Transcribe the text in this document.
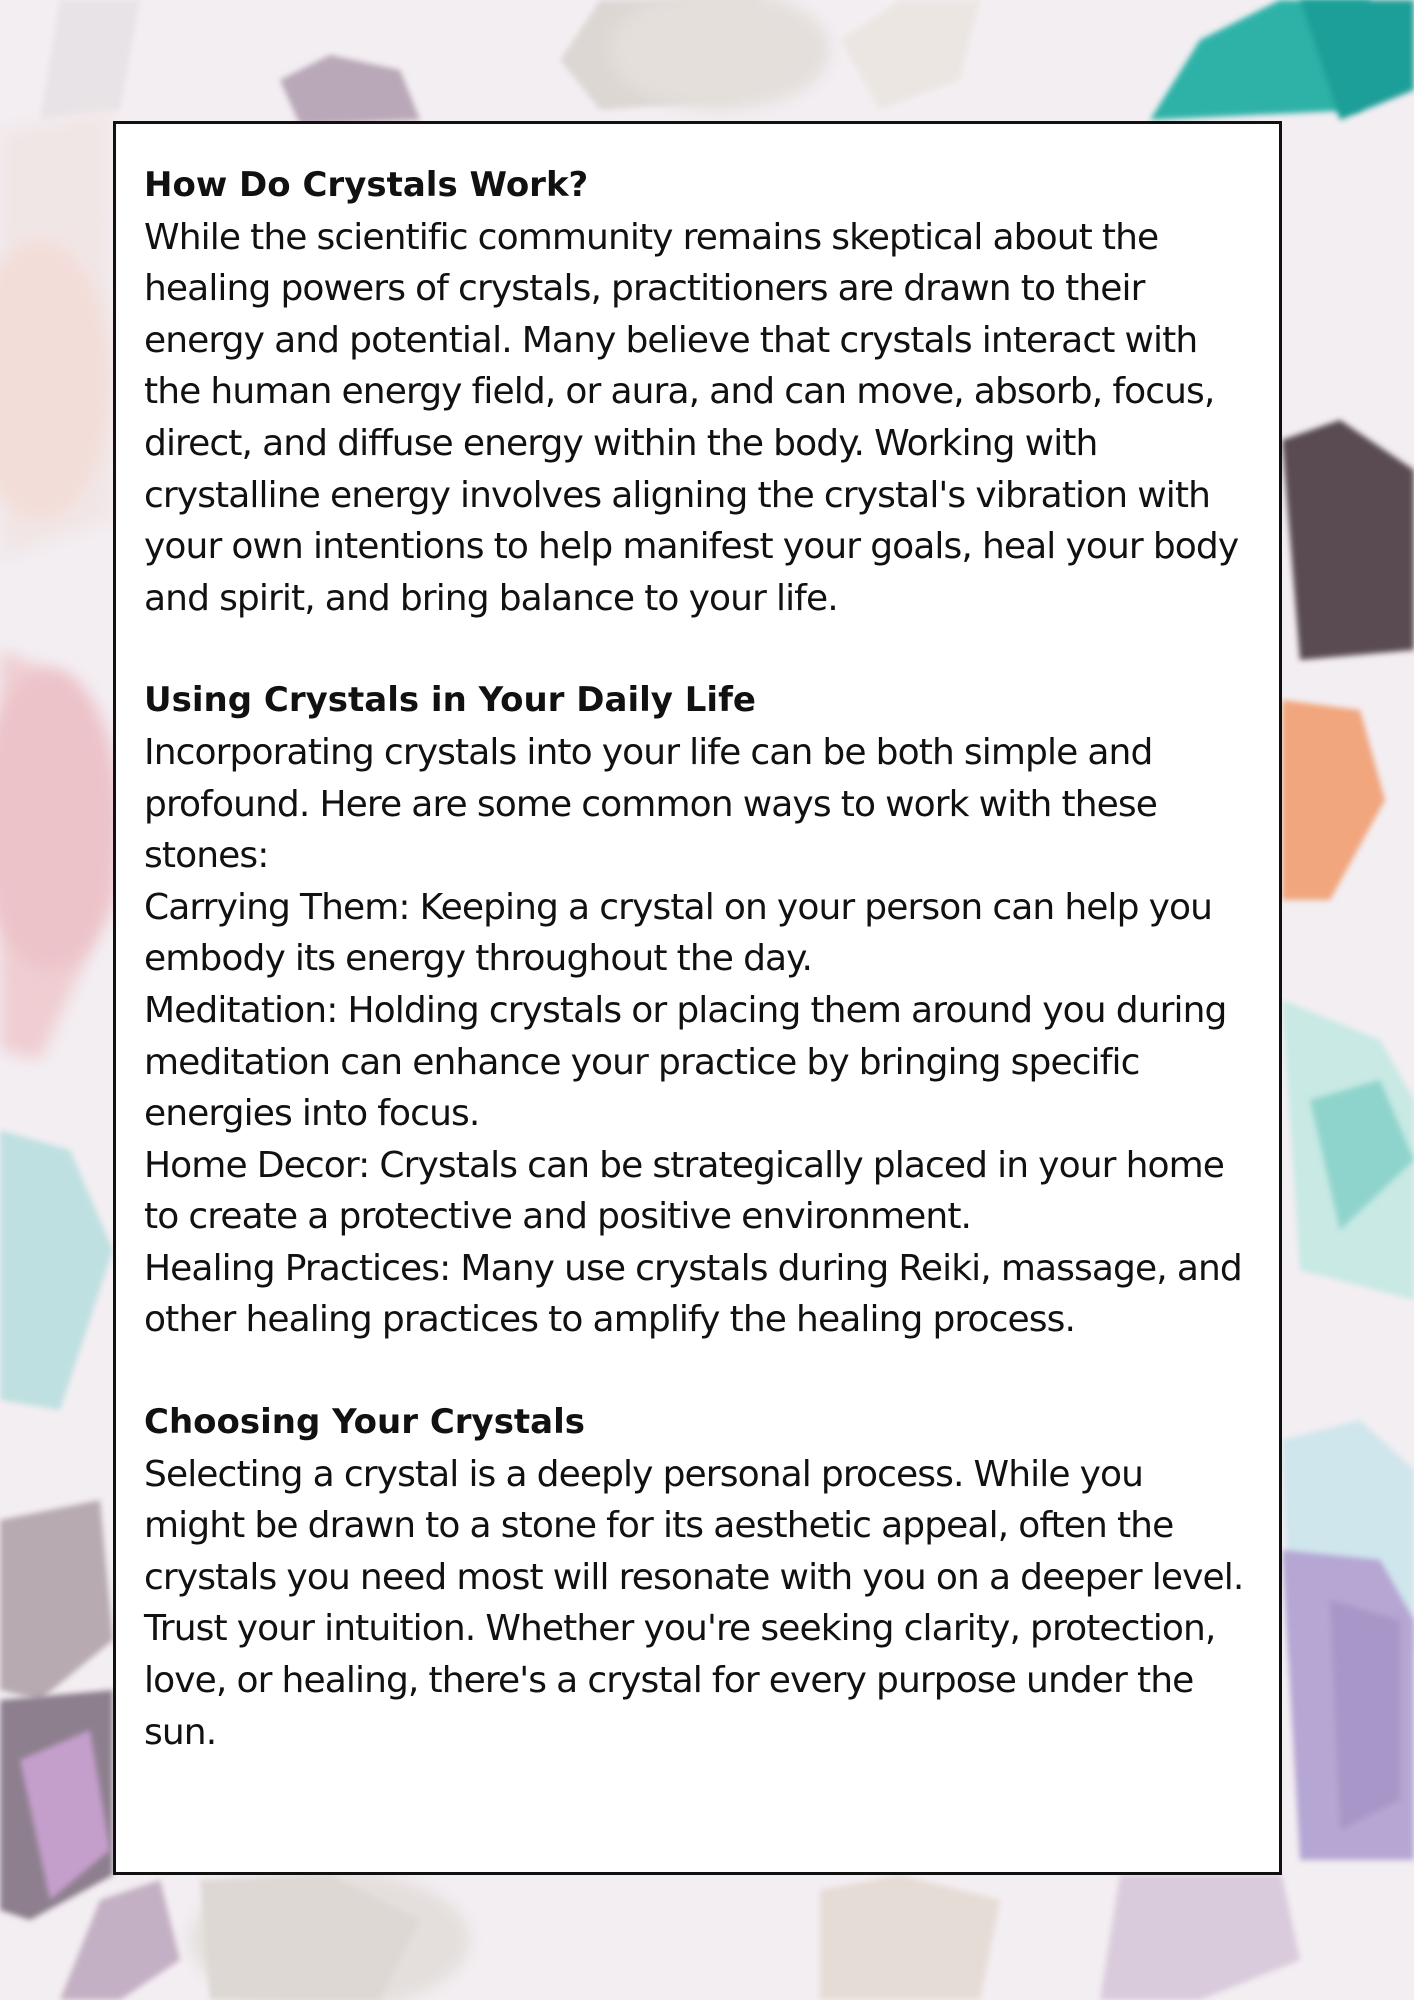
How Do Crystals Work?

While the scientific community remains skeptical about the healing powers of crystals, practitioners are drawn to their energy and potential. Many believe that crystals interact with the human energy field, or aura, and can move, absorb, focus, direct, and diffuse energy within the body. Working with crystalline energy involves aligning the crystal's vibration with your own intentions to help manifest your goals, heal your body and spirit, and bring balance to your life.

Using Crystals in Your Daily Life

Incorporating crystals into your life can be both simple and profound. Here are some common ways to work with these stones:

Carrying Them: Keeping a crystal on your person can help you embody its energy throughout the day.

Meditation: Holding crystals or placing them around you during meditation can enhance your practice by bringing specific energies into focus.

Home Decor: Crystals can be strategically placed in your home to create a protective and positive environment.

Healing Practices: Many use crystals during Reiki, massage, and other healing practices to amplify the healing process.

Choosing Your Crystals

Selecting a crystal is a deeply personal process. While you might be drawn to a stone for its aesthetic appeal, often the crystals you need most will resonate with you on a deeper level. Trust your intuition. Whether you're seeking clarity, protection, love, or healing, there's a crystal for every purpose under the sun.
